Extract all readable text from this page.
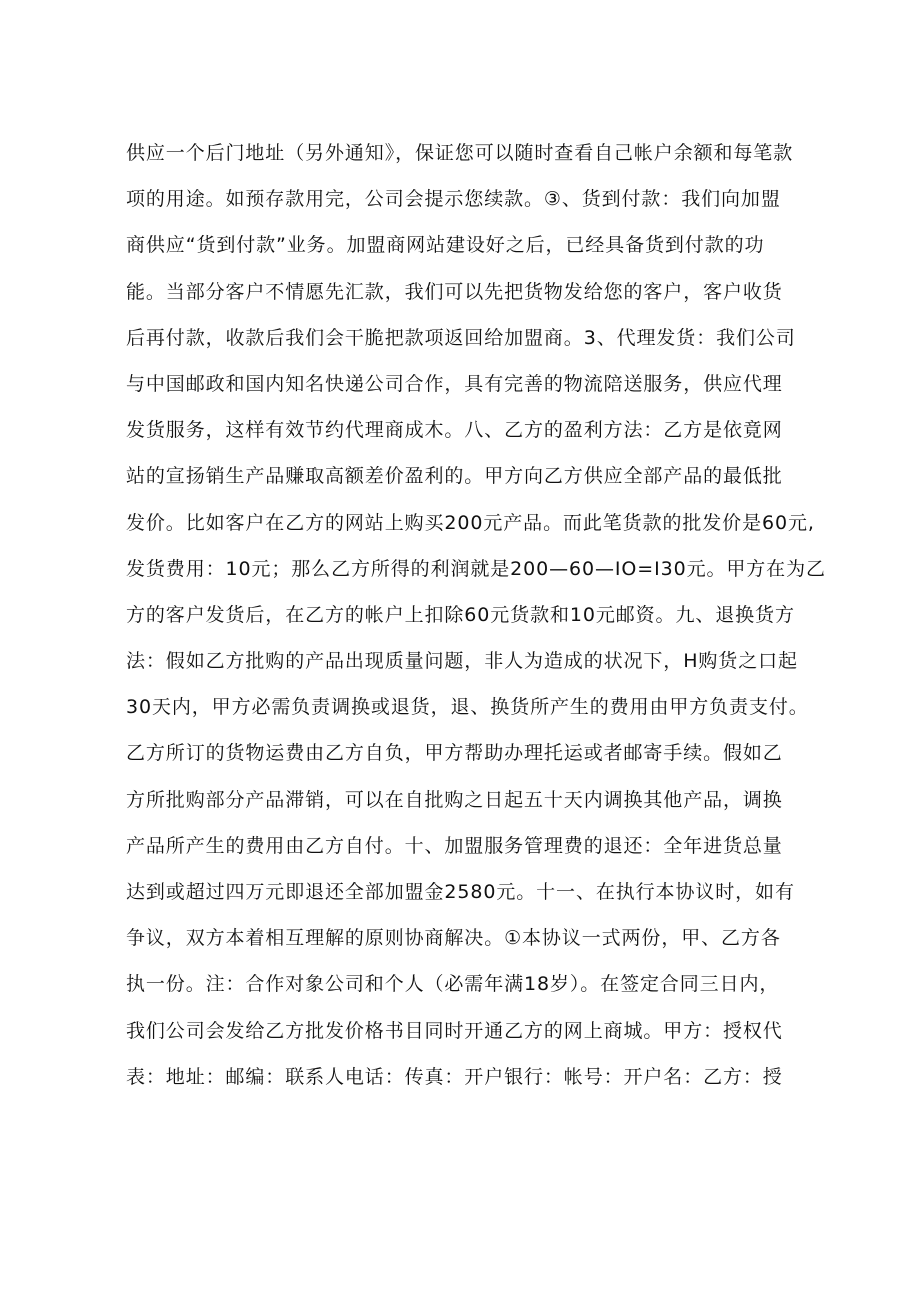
供应一个后门地址（另外通知》，保证您可以随时查看自己帐户余额和每笔款
项的用途。如预存款用完，公司会提示您续款。③、货到付款：我们向加盟
商供应“货到付款”业务。加盟商网站建设好之后，已经具备货到付款的功
能。当部分客户不情愿先汇款，我们可以先把货物发给您的客户，客户收货
后再付款，收款后我们会干脆把款项返回给加盟商。3、代理发货：我们公司
与中国邮政和国内知名快递公司合作，具有完善的物流陪送服务，供应代理
发货服务，这样有效节约代理商成木。八、乙方的盈利方法：乙方是依竟网
站的宣扬销生产品赚取高额差价盈利的。甲方向乙方供应全部产品的最低批
发价。比如客户在乙方的网站上购买200元产品。而此笔货款的批发价是60元,
发货费用：10元；那么乙方所得的利润就是200—60—IO=I30元。甲方在为乙
方的客户发货后，在乙方的帐户上扣除60元货款和10元邮资。九、退换货方
法：假如乙方批购的产品出现质量问题，非人为造成的状况下，H购货之口起
30天内，甲方必需负责调换或退货，退、换货所产生的费用由甲方负责支付。
乙方所订的货物运费由乙方自负，甲方帮助办理托运或者邮寄手续。假如乙
方所批购部分产品滞销，可以在自批购之日起五十天内调换其他产品，调换
产品所产生的费用由乙方自付。十、加盟服务管理费的退还：全年进货总量
达到或超过四万元即退还全部加盟金2580元。十一、在执行本协议时，如有
争议，双方本着相互理解的原则协商解决。①本协议一式两份，甲、乙方各
执一份。注：合作对象公司和个人（必需年满18岁）。在签定合同三日内，
我们公司会发给乙方批发价格书目同时开通乙方的网上商城。甲方：授权代
表：地址：邮编：联系人电话：传真：开户银行：帐号：开户名：乙方：授
